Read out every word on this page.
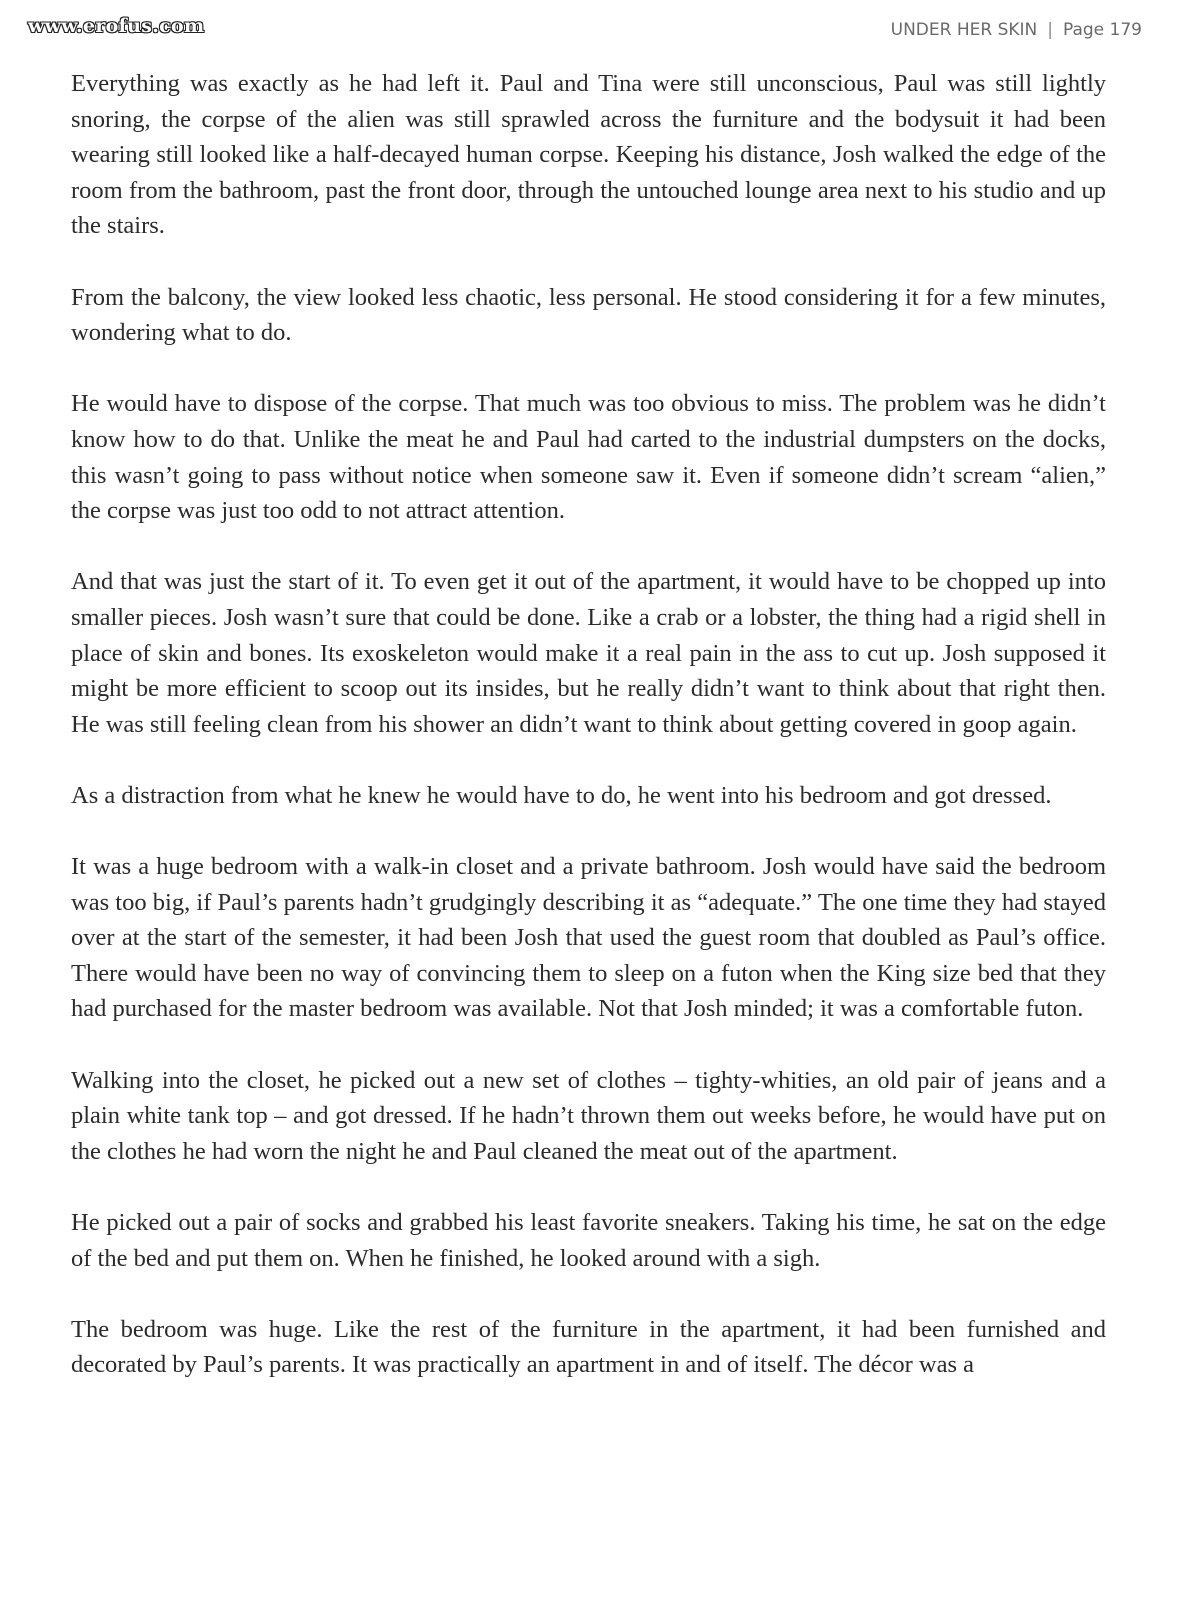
www.erofus.com	UNDER HER SKIN | Page 179

Everything was exactly as he had left it. Paul and Tina were still unconscious, Paul was still lightly snoring, the corpse of the alien was still sprawled across the furniture and the bodysuit it had been wearing still looked like a half-decayed human corpse. Keeping his distance, Josh walked the edge of the room from the bathroom, past the front door, through the untouched lounge area next to his studio and up the stairs.

From the balcony, the view looked less chaotic, less personal. He stood considering it for a few minutes, wondering what to do.

He would have to dispose of the corpse. That much was too obvious to miss. The problem was he didn’t know how to do that. Unlike the meat he and Paul had carted to the industrial dumpsters on the docks, this wasn’t going to pass without notice when someone saw it. Even if someone didn’t scream “alien,” the corpse was just too odd to not attract attention.

And that was just the start of it. To even get it out of the apartment, it would have to be chopped up into smaller pieces. Josh wasn’t sure that could be done. Like a crab or a lobster, the thing had a rigid shell in place of skin and bones. Its exoskeleton would make it a real pain in the ass to cut up. Josh supposed it might be more efficient to scoop out its insides, but he really didn’t want to think about that right then. He was still feeling clean from his shower an didn’t want to think about getting covered in goop again.

As a distraction from what he knew he would have to do, he went into his bedroom and got dressed.

It was a huge bedroom with a walk-in closet and a private bathroom. Josh would have said the bedroom was too big, if Paul’s parents hadn’t grudgingly describing it as “adequate.” The one time they had stayed over at the start of the semester, it had been Josh that used the guest room that doubled as Paul’s office. There would have been no way of convincing them to sleep on a futon when the King size bed that they had purchased for the master bedroom was available. Not that Josh minded; it was a comfortable futon.

Walking into the closet, he picked out a new set of clothes – tighty-whities, an old pair of jeans and a plain white tank top – and got dressed. If he hadn’t thrown them out weeks before, he would have put on the clothes he had worn the night he and Paul cleaned the meat out of the apartment.

He picked out a pair of socks and grabbed his least favorite sneakers. Taking his time, he sat on the edge of the bed and put them on. When he finished, he looked around with a sigh.

The bedroom was huge. Like the rest of the furniture in the apartment, it had been furnished and decorated by Paul’s parents. It was practically an apartment in and of itself. The décor was a
